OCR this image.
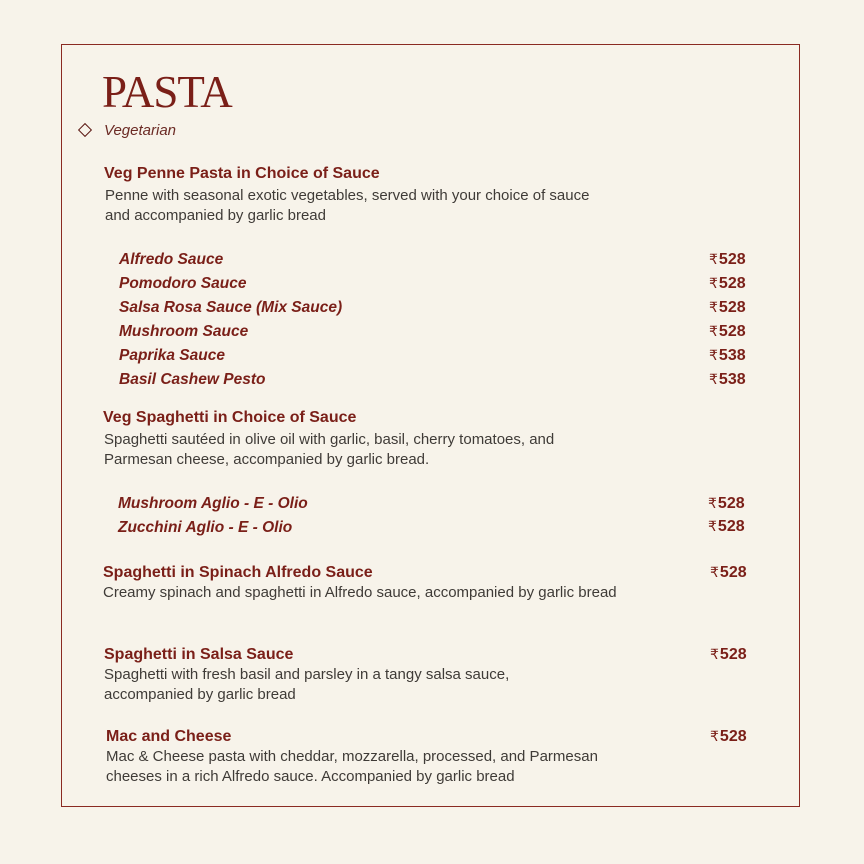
PASTA
Vegetarian
Veg Penne Pasta in Choice of Sauce
Penne with seasonal exotic vegetables, served with your choice of sauce and accompanied by garlic bread
Alfredo Sauce	₹528
Pomodoro Sauce	₹528
Salsa Rosa Sauce (Mix Sauce)	₹528
Mushroom Sauce	₹528
Paprika Sauce	₹538
Basil Cashew Pesto	₹538
Veg Spaghetti in Choice of Sauce
Spaghetti sautéed in olive oil with garlic, basil, cherry tomatoes, and Parmesan cheese, accompanied by garlic bread.
Mushroom Aglio - E - Olio	₹528
Zucchini Aglio - E - Olio	₹528
Spaghetti in Spinach Alfredo Sauce	₹528
Creamy spinach and spaghetti in Alfredo sauce, accompanied by garlic bread
Spaghetti in Salsa Sauce	₹528
Spaghetti with fresh basil and parsley in a tangy salsa sauce, accompanied by garlic bread
Mac and Cheese	₹528
Mac & Cheese pasta with cheddar, mozzarella, processed, and Parmesan cheeses in a rich Alfredo sauce. Accompanied by garlic bread
